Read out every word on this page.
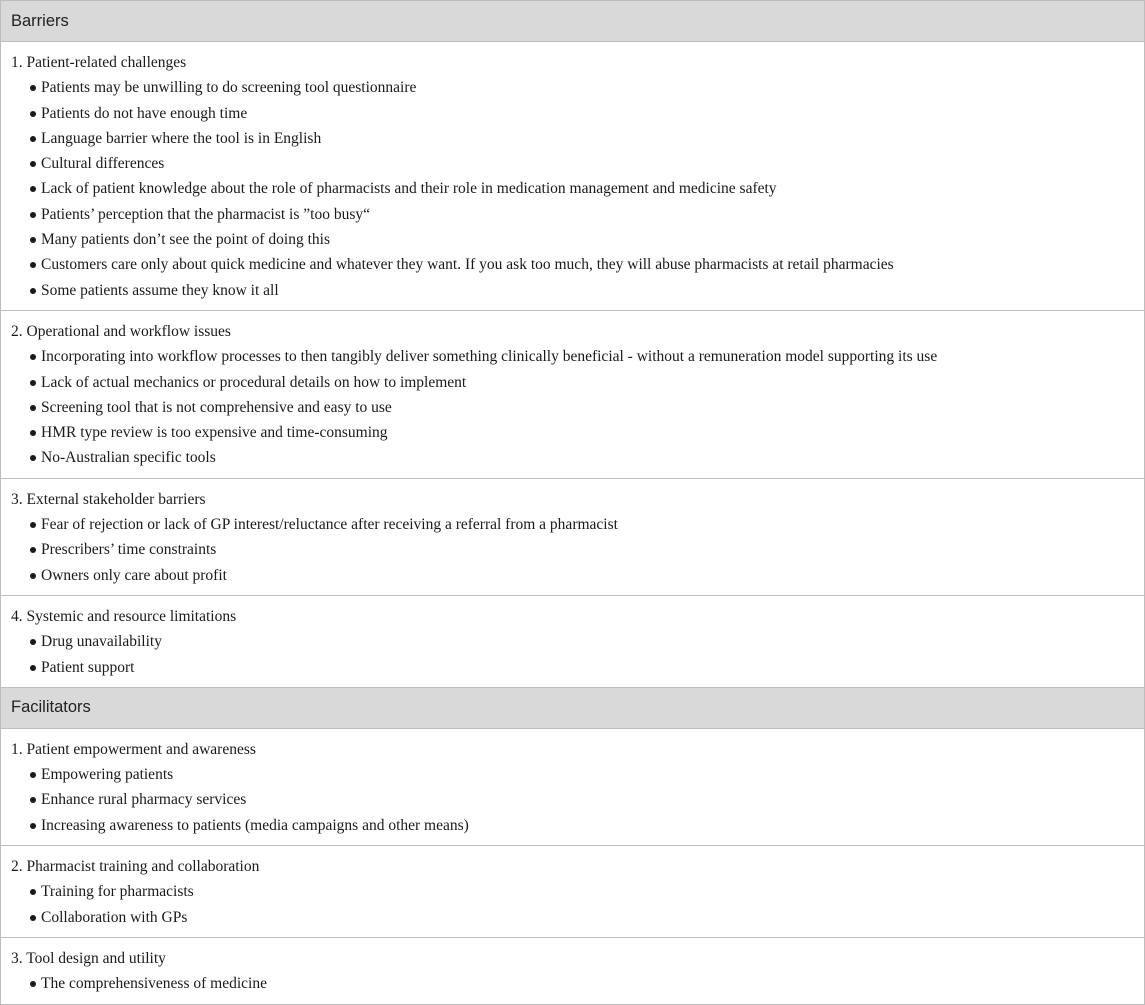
Barriers
1. Patient-related challenges
Patients may be unwilling to do screening tool questionnaire
Patients do not have enough time
Language barrier where the tool is in English
Cultural differences
Lack of patient knowledge about the role of pharmacists and their role in medication management and medicine safety
Patients’ perception that the pharmacist is ”too busy“
Many patients don’t see the point of doing this
Customers care only about quick medicine and whatever they want. If you ask too much, they will abuse pharmacists at retail pharmacies
Some patients assume they know it all
2. Operational and workflow issues
Incorporating into workflow processes to then tangibly deliver something clinically beneficial - without a remuneration model supporting its use
Lack of actual mechanics or procedural details on how to implement
Screening tool that is not comprehensive and easy to use
HMR type review is too expensive and time-consuming
No-Australian specific tools
3. External stakeholder barriers
Fear of rejection or lack of GP interest/reluctance after receiving a referral from a pharmacist
Prescribers’ time constraints
Owners only care about profit
4. Systemic and resource limitations
Drug unavailability
Patient support
Facilitators
1. Patient empowerment and awareness
Empowering patients
Enhance rural pharmacy services
Increasing awareness to patients (media campaigns and other means)
2. Pharmacist training and collaboration
Training for pharmacists
Collaboration with GPs
3. Tool design and utility
The comprehensiveness of medicine
